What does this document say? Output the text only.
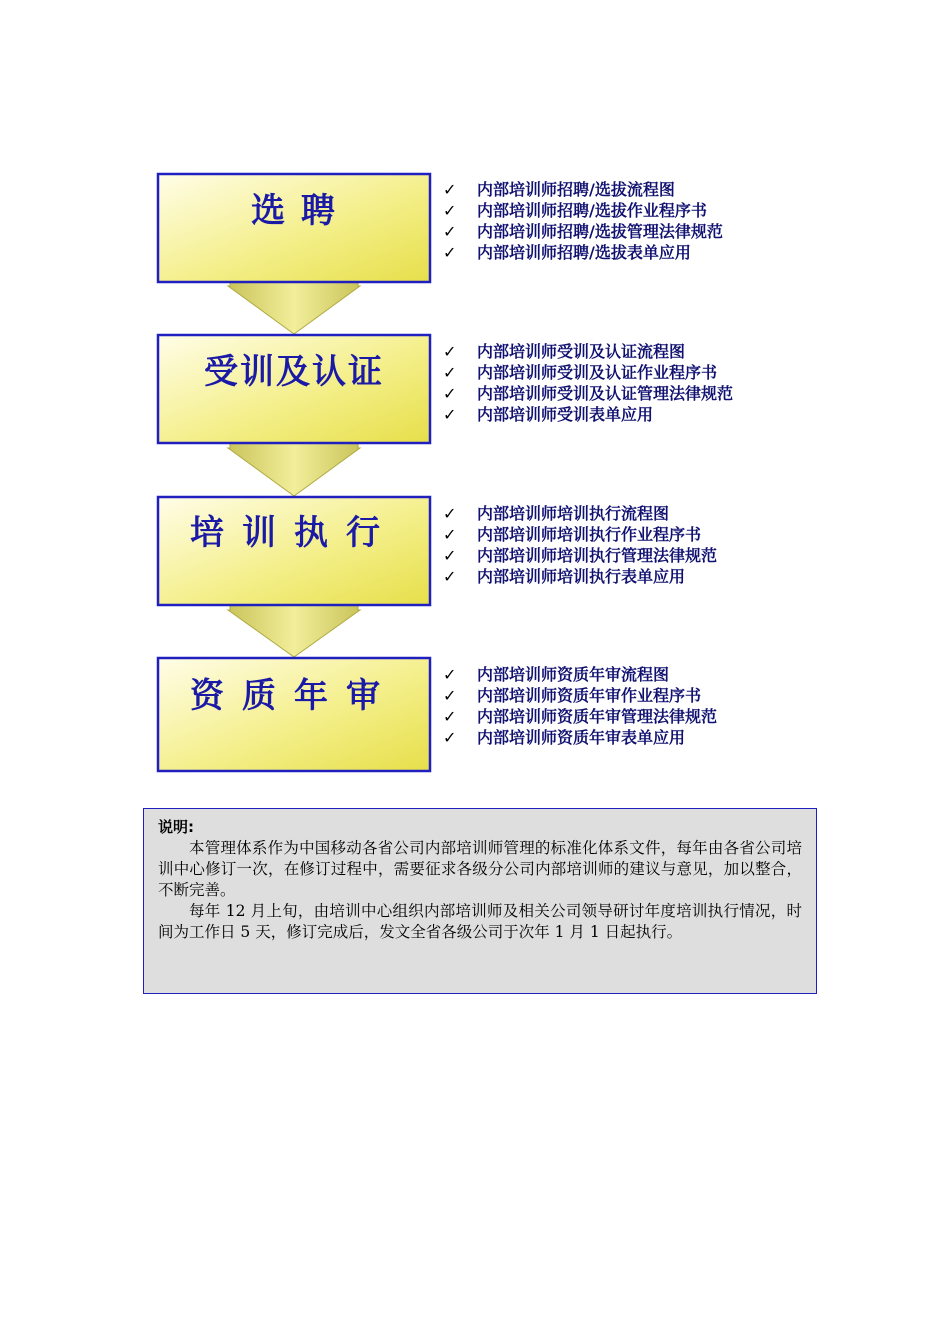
选 聘
受训及认证
培训执行
资质年审
✓ 内部培训师招聘/选拔流程图
✓ 内部培训师招聘/选拔作业程序书
✓ 内部培训师招聘/选拔管理法律规范
✓ 内部培训师招聘/选拔表单应用
✓ 内部培训师受训及认证流程图
✓ 内部培训师受训及认证作业程序书
✓ 内部培训师受训及认证管理法律规范
✓ 内部培训师受训表单应用
✓ 内部培训师培训执行流程图
✓ 内部培训师培训执行作业程序书
✓ 内部培训师培训执行管理法律规范
✓ 内部培训师培训执行表单应用
✓ 内部培训师资质年审流程图
✓ 内部培训师资质年审作业程序书
✓ 内部培训师资质年审管理法律规范
✓ 内部培训师资质年审表单应用
说明:

本管理体系作为中国移动各省公司内部培训师管理的标准化体系文件，每年由各省公司培训中心修订一次，在修订过程中，需要征求各级分公司内部培训师的建议与意见，加以整合，不断完善。

每年 12 月上旬，由培训中心组织内部培训师及相关公司领导研讨年度培训执行情况，时间为工作日 5 天，修订完成后，发文全省各级公司于次年 1 月 1 日起执行。
